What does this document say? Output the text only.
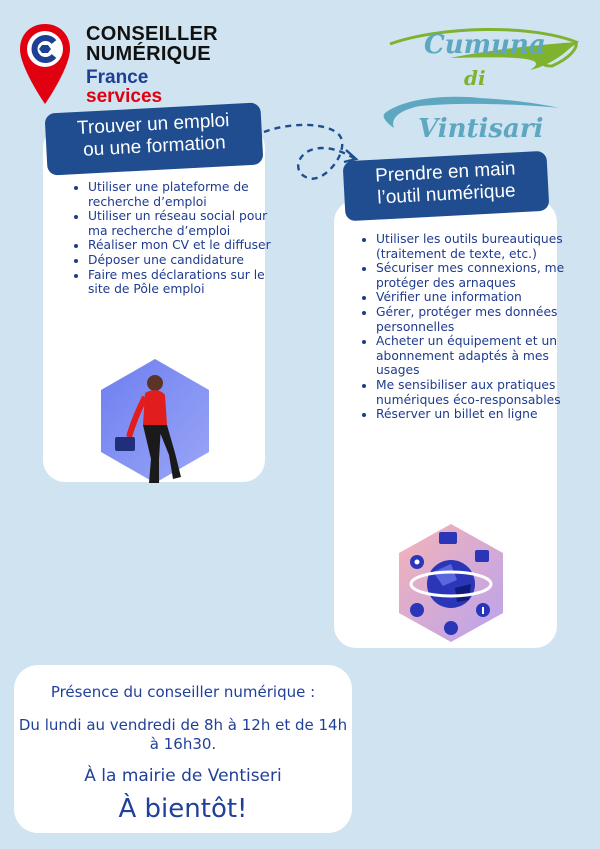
CONSEILLER
NUMÉRIQUE
France
services
Cumuna
di
Vintisari
Trouver un emploi
ou une formation
• Utiliser une plateforme de recherche d’emploi
• Utiliser un réseau social pour ma recherche d’emploi
• Réaliser mon CV et le diffuser
• Déposer une candidature
• Faire mes déclarations sur le site de Pôle emploi
Prendre en main
l’outil numérique
• Utiliser les outils bureautiques (traitement de texte, etc.)
• Sécuriser mes connexions, me protéger des arnaques
• Vérifier une information
• Gérer, protéger mes données personnelles
• Acheter un équipement et un abonnement adaptés à mes usages
• Me sensibiliser aux pratiques numériques éco-responsables
• Réserver un billet en ligne
Présence du conseiller numérique :
Du lundi au vendredi de 8h à 12h et de 14h à 16h30.
À la mairie de Ventiseri
À bientôt!
